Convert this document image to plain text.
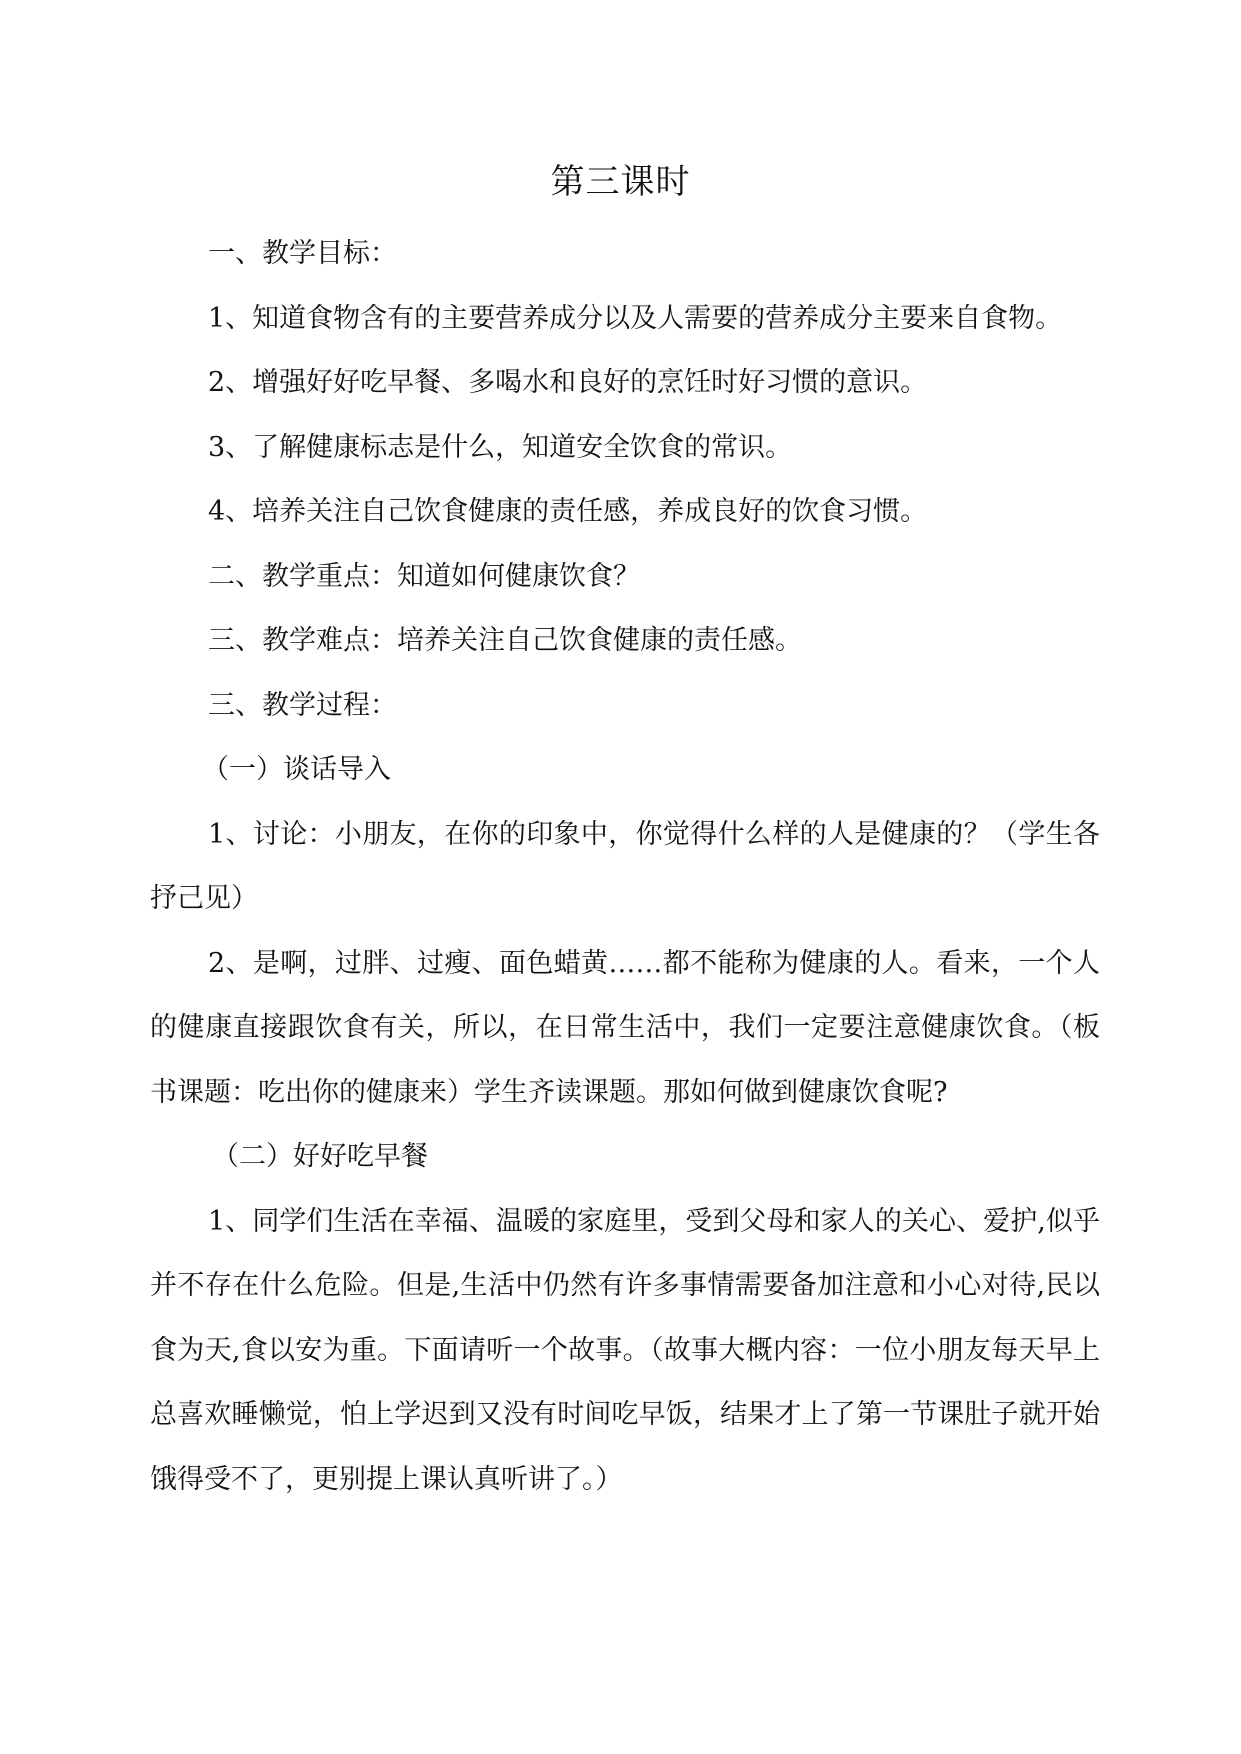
第三课时

一、教学目标：

1、知道食物含有的主要营养成分以及人需要的营养成分主要来自食物。

2、增强好好吃早餐、多喝水和良好的烹饪时好习惯的意识。

3、了解健康标志是什么，知道安全饮食的常识。

4、培养关注自己饮食健康的责任感，养成良好的饮食习惯。

二、教学重点：知道如何健康饮食？

三、教学难点：培养关注自己饮食健康的责任感。

三、教学过程：

（一）谈话导入

1、讨论：小朋友，在你的印象中，你觉得什么样的人是健康的？（学生各抒己见）

2、是啊，过胖、过瘦、面色蜡黄……都不能称为健康的人。看来，一个人的健康直接跟饮食有关，所以，在日常生活中，我们一定要注意健康饮食。（板书课题：吃出你的健康来）学生齐读课题。那如何做到健康饮食呢?

（二）好好吃早餐

1、同学们生活在幸福、温暖的家庭里，受到父母和家人的关心、爱护,似乎并不存在什么危险。但是,生活中仍然有许多事情需要备加注意和小心对待,民以食为天,食以安为重。下面请听一个故事。（故事大概内容：一位小朋友每天早上总喜欢睡懒觉，怕上学迟到又没有时间吃早饭，结果才上了第一节课肚子就开始饿得受不了，更别提上课认真听讲了。）
